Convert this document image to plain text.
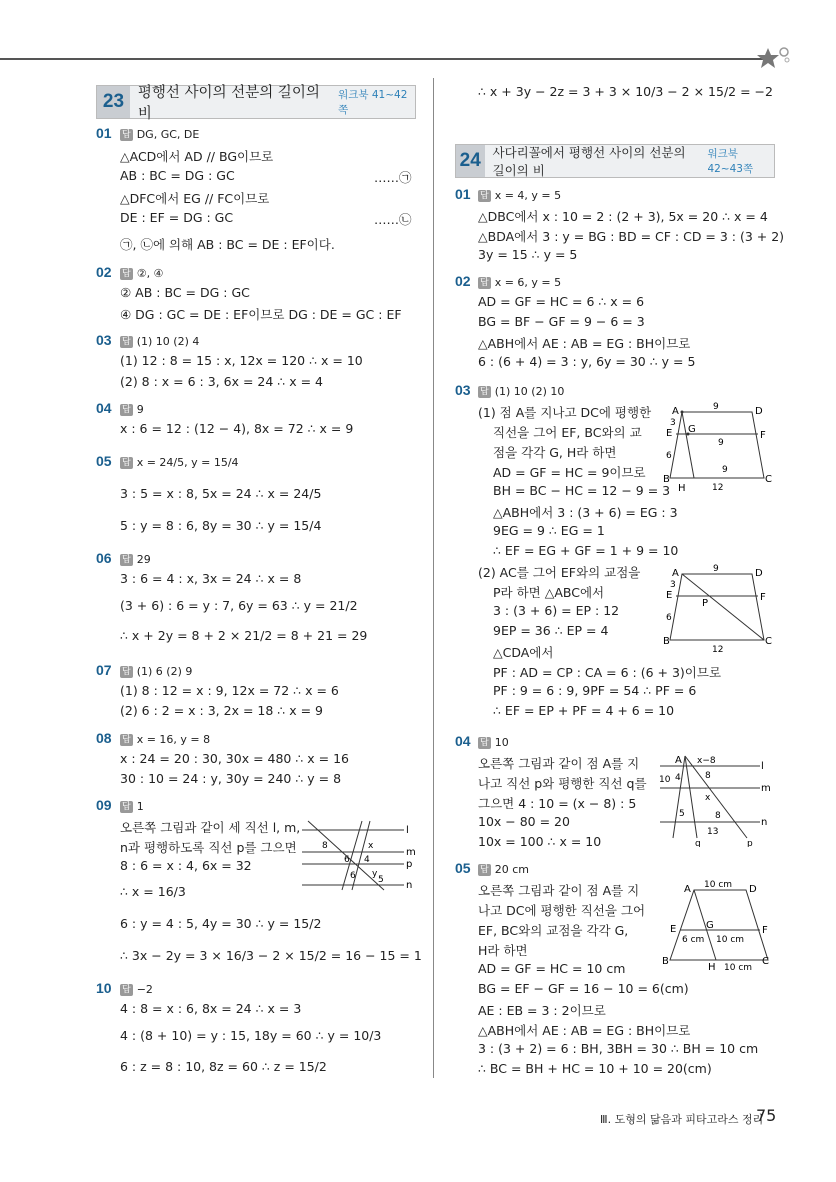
23 평행선 사이의 선분의 길이의 비
워크북 41~42쪽
01 답 DG, GC, DE
△ACD에서 AD // BG이므로
AB : BC = DG : GC	……㉠
△DFC에서 EG // FC이므로
DE : EF = DG : GC	……㉡
㉠, ㉡에 의해 AB : BC = DE : EF이다.
02 답 ②, ④
② AB : BC = DG : GC
④ DG : GC = DE : EF이므로 DG : DE = GC : EF
03 답 (1) 10 (2) 4
(1) 12 : 8 = 15 : x, 12x = 120 ∴ x = 10
(2) 8 : x = 6 : 3, 6x = 24 ∴ x = 4
04 답 9
x : 6 = 12 : (12 − 4), 8x = 72 ∴ x = 9
05 답 x = 24/5, y = 15/4
3 : 5 = x : 8, 5x = 24 ∴ x = 24/5
5 : y = 8 : 6, 8y = 30 ∴ y = 15/4
06 답 29
3 : 6 = 4 : x, 3x = 24 ∴ x = 8
(3 + 6) : 6 = y : 7, 6y = 63 ∴ y = 21/2
∴ x + 2y = 8 + 2 × 21/2 = 8 + 21 = 29
07 답 (1) 6 (2) 9
(1) 8 : 12 = x : 9, 12x = 72 ∴ x = 6
(2) 6 : 2 = x : 3, 2x = 18 ∴ x = 9
08 답 x = 16, y = 8
x : 24 = 20 : 30, 30x = 480 ∴ x = 16
30 : 10 = 24 : y, 30y = 240 ∴ y = 8
09 답 1
오른쪽 그림과 같이 세 직선 l, m,
n과 평행하도록 직선 p를 그으면
8 : 6 = x : 4, 6x = 32
∴ x = 16/3
6 : y = 4 : 5, 4y = 30 ∴ y = 15/2
∴ 3x − 2y = 3 × 16/3 − 2 × 15/2 = 16 − 15 = 1
l
m
p
n
8	x
6 4
6 y
5
10 답 −2
4 : 8 = x : 6, 8x = 24 ∴ x = 3
4 : (8 + 10) = y : 15, 18y = 60 ∴ y = 10/3
6 : z = 8 : 10, 8z = 60 ∴ z = 15/2
∴ x + 3y − 2z = 3 + 3 × 10/3 − 2 × 15/2 = −2
24 사다리꼴에서 평행선 사이의 선분의 길이의 비
워크북 42~43쪽
01 답 x = 4, y = 5
△DBC에서 x : 10 = 2 : (2 + 3), 5x = 20 ∴ x = 4
△BDA에서 3 : y = BG : BD = CF : CD = 3 : (3 + 2)
3y = 15 ∴ y = 5
02 답 x = 6, y = 5
AD = GF = HC = 6 ∴ x = 6
BG = BF − GF = 9 − 6 = 3
△ABH에서 AE : AB = EG : BH이므로
6 : (6 + 4) = 3 : y, 6y = 30 ∴ y = 5
03 답 (1) 10 (2) 10
(1) 점 A를 지나고 DC에 평행한
직선을 그어 EF, BC와의 교
점을 각각 G, H라 하면
AD = GF = HC = 9이므로
BH = BC − HC = 12 − 9 = 3
△ABH에서 3 : (3 + 6) = EG : 3
9EG = 9 ∴ EG = 1
∴ EF = EG + GF = 1 + 9 = 10
(2) AC를 그어 EF와의 교점을
P라 하면 △ABC에서
3 : (3 + 6) = EP : 12
9EP = 36 ∴ EP = 4
△CDA에서
PF : AD = CP : CA = 6 : (6 + 3)이므로
PF : 9 = 6 : 9, 9PF = 54 ∴ PF = 6
∴ EF = EP + PF = 4 + 6 = 10
A	D
E	F
G
B	C
H
9
3
6
9
9
12
A	D
E	F
P
B	C
9
3
6
12
04 답 10
오른쪽 그림과 같이 점 A를 지
나고 직선 p와 평행한 직선 q를
그으면 4 : 10 = (x − 8) : 5
10x − 80 = 20
10x = 100 ∴ x = 10
A x−8	l
m
n
10 4	8
x
5	8
13
q	p
05 답 20 cm
오른쪽 그림과 같이 점 A를 지
나고 DC에 평행한 직선을 그어
EF, BC와의 교점을 각각 G,
H라 하면
AD = GF = HC = 10 cm
BG = EF − GF = 16 − 10 = 6(cm)
AE : EB = 3 : 2이므로
△ABH에서 AE : AB = EG : BH이므로
3 : (3 + 2) = 6 : BH, 3BH = 30 ∴ BH = 10 cm
∴ BC = BH + HC = 10 + 10 = 20(cm)
A	D
E	F
G
B	C
H
10 cm
6 cm 10 cm
10 cm
Ⅲ. 도형의 닮음과 피타고라스 정리
75
